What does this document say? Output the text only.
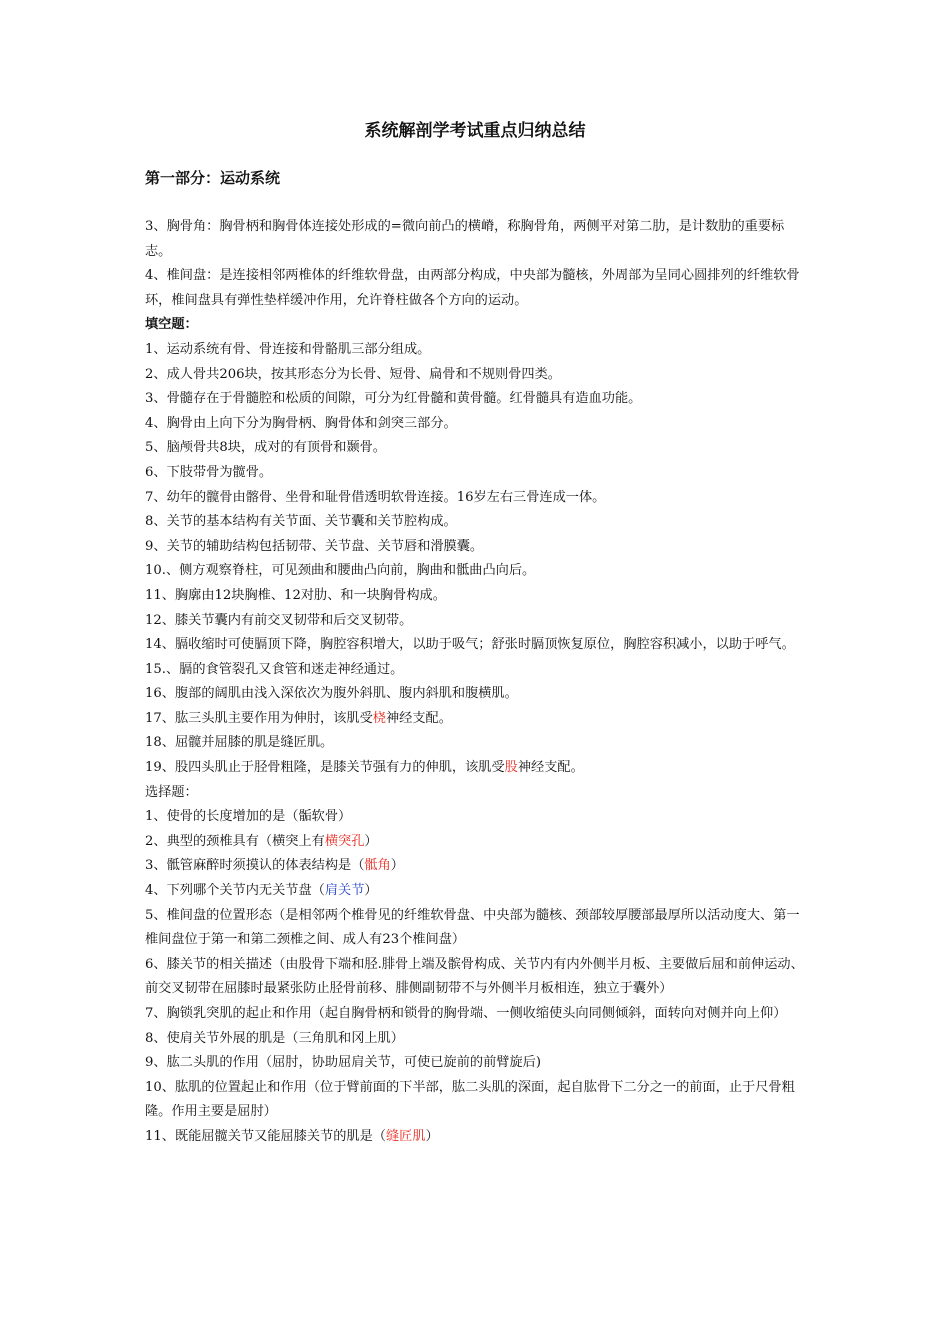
系统解剖学考试重点归纳总结
第一部分：运动系统

3、胸骨角：胸骨柄和胸骨体连接处形成的=微向前凸的横嵴，称胸骨角，两侧平对第二肋，是计数肋的重要标志。

4、椎间盘：是连接相邻两椎体的纤维软骨盘，由两部分构成，中央部为髓核，外周部为呈同心圆排列的纤维软骨环，椎间盘具有弹性垫样缓冲作用，允许脊柱做各个方向的运动。

填空题：

1、运动系统有骨、骨连接和骨骼肌三部分组成。

2、成人骨共206块，按其形态分为长骨、短骨、扁骨和不规则骨四类。

3、骨髓存在于骨髓腔和松质的间隙，可分为红骨髓和黄骨髓。红骨髓具有造血功能。

4、胸骨由上向下分为胸骨柄、胸骨体和剑突三部分。

5、脑颅骨共8块，成对的有顶骨和颞骨。

6、下肢带骨为髋骨。

7、幼年的髋骨由髂骨、坐骨和耻骨借透明软骨连接。16岁左右三骨连成一体。

8、关节的基本结构有关节面、关节囊和关节腔构成。

9、关节的辅助结构包括韧带、关节盘、关节唇和滑膜囊。

10.、侧方观察脊柱，可见颈曲和腰曲凸向前，胸曲和骶曲凸向后。

11、胸廓由12块胸椎、12对肋、和一块胸骨构成。

12、膝关节囊内有前交叉韧带和后交叉韧带。

14、膈收缩时可使膈顶下降，胸腔容积增大，以助于吸气；舒张时膈顶恢复原位，胸腔容积减小，以助于呼气。

15.、膈的食管裂孔又食管和迷走神经通过。

16、腹部的阔肌由浅入深依次为腹外斜肌、腹内斜肌和腹横肌。

17、肱三头肌主要作用为伸肘，该肌受桡神经支配。

18、屈髋并屈膝的肌是缝匠肌。

19、股四头肌止于胫骨粗隆，是膝关节强有力的伸肌，该肌受股神经支配。

选择题：

1、使骨的长度增加的是（骺软骨）

2、典型的颈椎具有（横突上有横突孔）

3、骶管麻醉时须摸认的体表结构是（骶角）

4、下列哪个关节内无关节盘（肩关节）

5、椎间盘的位置形态（是相邻两个椎骨见的纤维软骨盘、中央部为髓核、颈部较厚腰部最厚所以活动度大、第一椎间盘位于第一和第二颈椎之间、成人有23个椎间盘）

6、膝关节的相关描述（由股骨下端和胫.腓骨上端及髌骨构成、关节内有内外侧半月板、主要做后屈和前伸运动、前交叉韧带在屈膝时最紧张防止胫骨前移、腓侧副韧带不与外侧半月板相连，独立于囊外）

7、胸锁乳突肌的起止和作用（起自胸骨柄和锁骨的胸骨端、一侧收缩使头向同侧倾斜，面转向对侧并向上仰）

8、使肩关节外展的肌是（三角肌和冈上肌）

9、肱二头肌的作用（屈肘，协助屈肩关节，可使已旋前的前臂旋后)

10、肱肌的位置起止和作用（位于臂前面的下半部，肱二头肌的深面，起自肱骨下二分之一的前面，止于尺骨粗隆。作用主要是屈肘）

11、既能屈髋关节又能屈膝关节的肌是（缝匠肌）
